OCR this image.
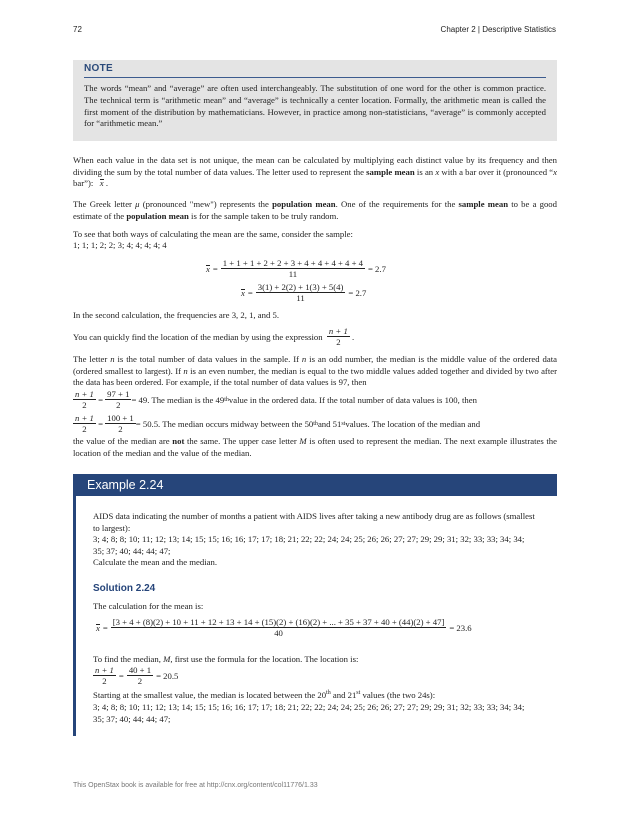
72	Chapter 2 | Descriptive Statistics
NOTE
The words “mean” and “average” are often used interchangeably. The substitution of one word for the other is common practice. The technical term is “arithmetic mean” and “average” is technically a center location. Formally, the arithmetic mean is called the first moment of the distribution by mathematicians. However, in practice among non-statisticians, “average” is commonly accepted for “arithmetic mean.”

When each value in the data set is not unique, the mean can be calculated by multiplying each distinct value by its frequency and then dividing the sum by the total number of data values. The letter used to represent the sample mean is an x with a bar over it (pronounced “x bar”): x .

The Greek letter μ (pronounced "mew") represents the population mean. One of the requirements for the sample mean to be a good estimate of the population mean is for the sample taken to be truly random.

To see that both ways of calculating the mean are the same, consider the sample:
1; 1; 1; 2; 2; 3; 4; 4; 4; 4; 4
$x = \frac{1 + 1 + 1 + 2 + 2 + 3 + 4 + 4 + 4 + 4 + 4}{11} = 2.7$
$x = \frac{3(1) + 2(2) + 1(3) + 5(4)}{11} = 2.7$
In the second calculation, the frequencies are 3, 2, 1, and 5.
You can quickly find the location of the median by using the expression
$\frac{n + 1}{2}$ .

The letter n is the total number of data values in the sample. If n is an odd number, the median is the middle value of the ordered data (ordered smallest to largest). If n is an even number, the median is equal to the two middle values added together and divided by two after the data has been ordered. For example, if the total number of data values is 97, then

$\frac{n + 1}{2} = \frac{97 + 1}{2} = 49$. The median is the 49 th value in the ordered data. If the total number of data values is 100, then
$\frac{n + 1}{2} = \frac{100 + 1}{2} = 50.5$. The median occurs midway between the 50 th and 51 st values. The location of the median and

the value of the median are not the same. The upper case letter M is often used to represent the median. The next example illustrates the location of the median and the value of the median.

Example 2.24

AIDS data indicating the number of months a patient with AIDS lives after taking a new antibody drug are as follows (smallest to largest):

3; 4; 8; 8; 10; 11; 12; 13; 14; 15; 15; 16; 16; 17; 17; 18; 21; 22; 22; 24; 24; 25; 26; 26; 27; 27; 29; 29; 31; 32; 33; 33; 34; 34; 35; 37; 40; 44; 44; 47;

Calculate the mean and the median.

Solution 2.24

The calculation for the mean is:

x =
[3 + 4 + (8)(2) + 10 + 11 + 12 + 13 + 14 + (15)(2) + (16)(2) + ... + 35 + 37 + 40 + (44)(2) + 47]
40
= 23.6

To find the median, M, first use the formula for the location. The location is:

$\frac{n + 1}{2} = \frac{40 + 1}{2} = 20.5$

Starting at the smallest value, the median is located between the 20th and 21st values (the two 24s):

3; 4; 8; 8; 10; 11; 12; 13; 14; 15; 15; 16; 16; 17; 17; 18; 21; 22; 22; 24; 24; 25; 26; 26; 27; 27; 29; 29; 31; 32; 33; 33; 34; 34; 35; 37; 40; 44; 44; 47;

This OpenStax book is available for free at http://cnx.org/content/col11776/1.33
